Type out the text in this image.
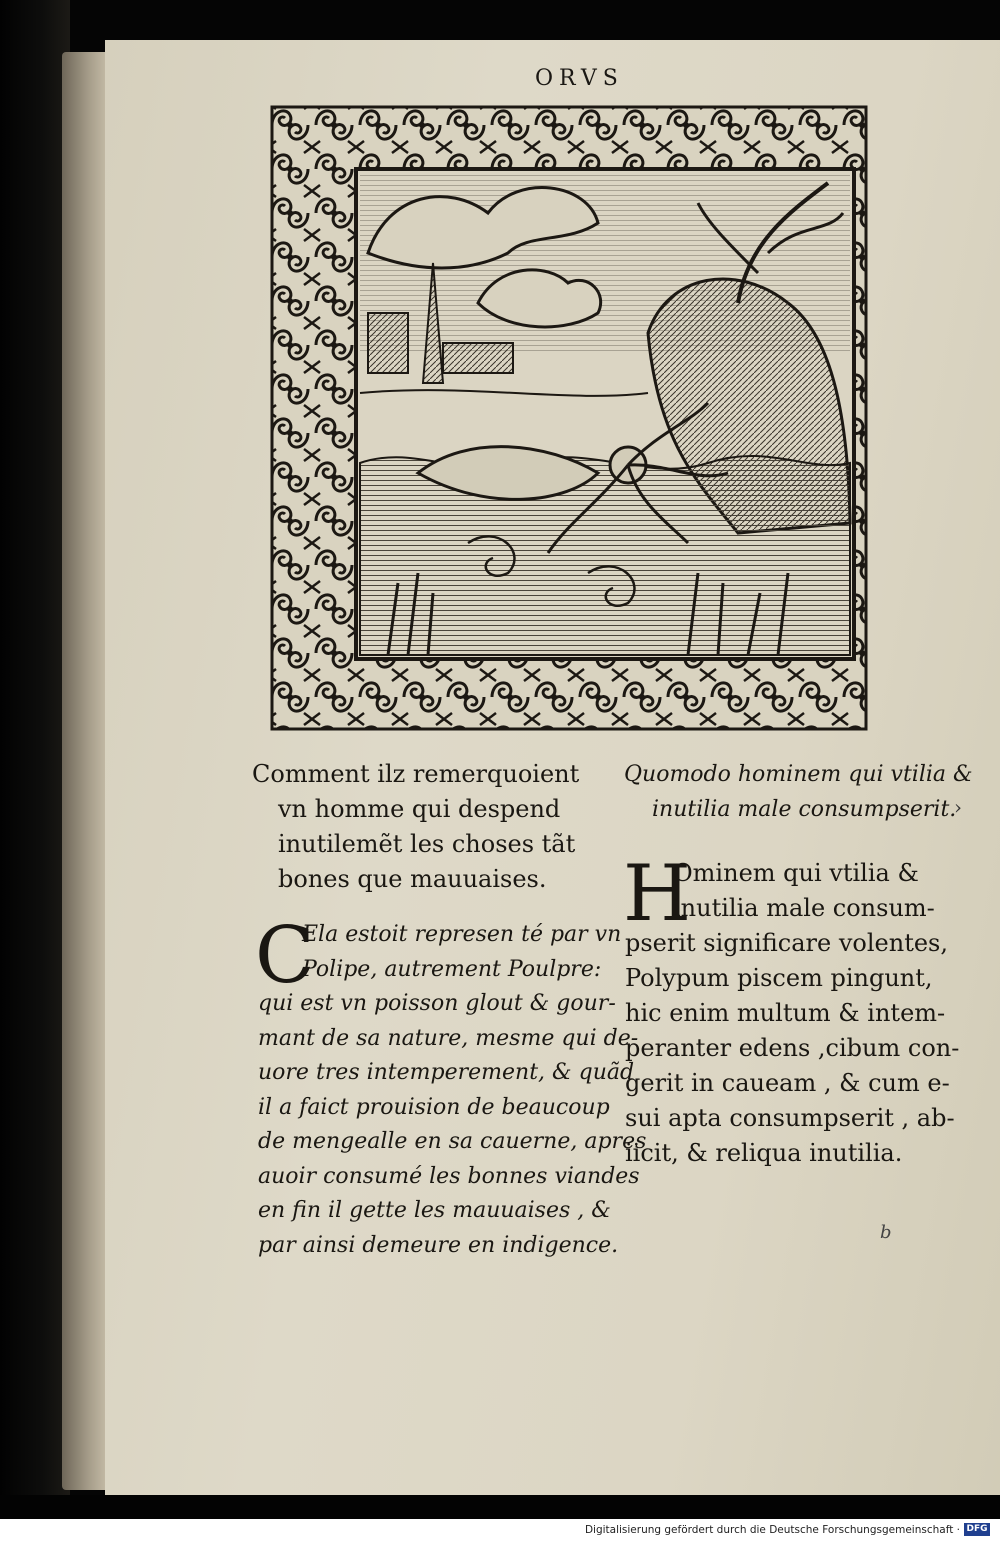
ORVS
Comment ilz remerquoient
vn homme qui despend
inutilemẽt les choses tãt
bones que mauuaises.
C
Ela estoit represen té par vn
Polipe, autrement Poulpre:
qui est vn poisson glout & gour-
mant de sa nature, mesme qui de-
uore tres intemperement, & quãd
il a faict prouision de beaucoup
de mengealle en sa cauerne, apres
auoir consumé les bonnes viandes
en fin il gette les mauuaises , &
par ainsi demeure en indigence.
Quomodo hominem qui vtilia &
inutilia male consumpserit.
H
Ominem qui vtilia &
inutilia male consum-
pserit significare volentes,
Polypum piscem pingunt,
hic enim multum & intem-
peranter edens ,cibum con-
gerit in caueam , & cum e-
sui apta consumpserit , ab-
iicit, & reliqua inutilia.
›
b
Digitalisierung gefördert durch die Deutsche Forschungsgemeinschaft · DFG
